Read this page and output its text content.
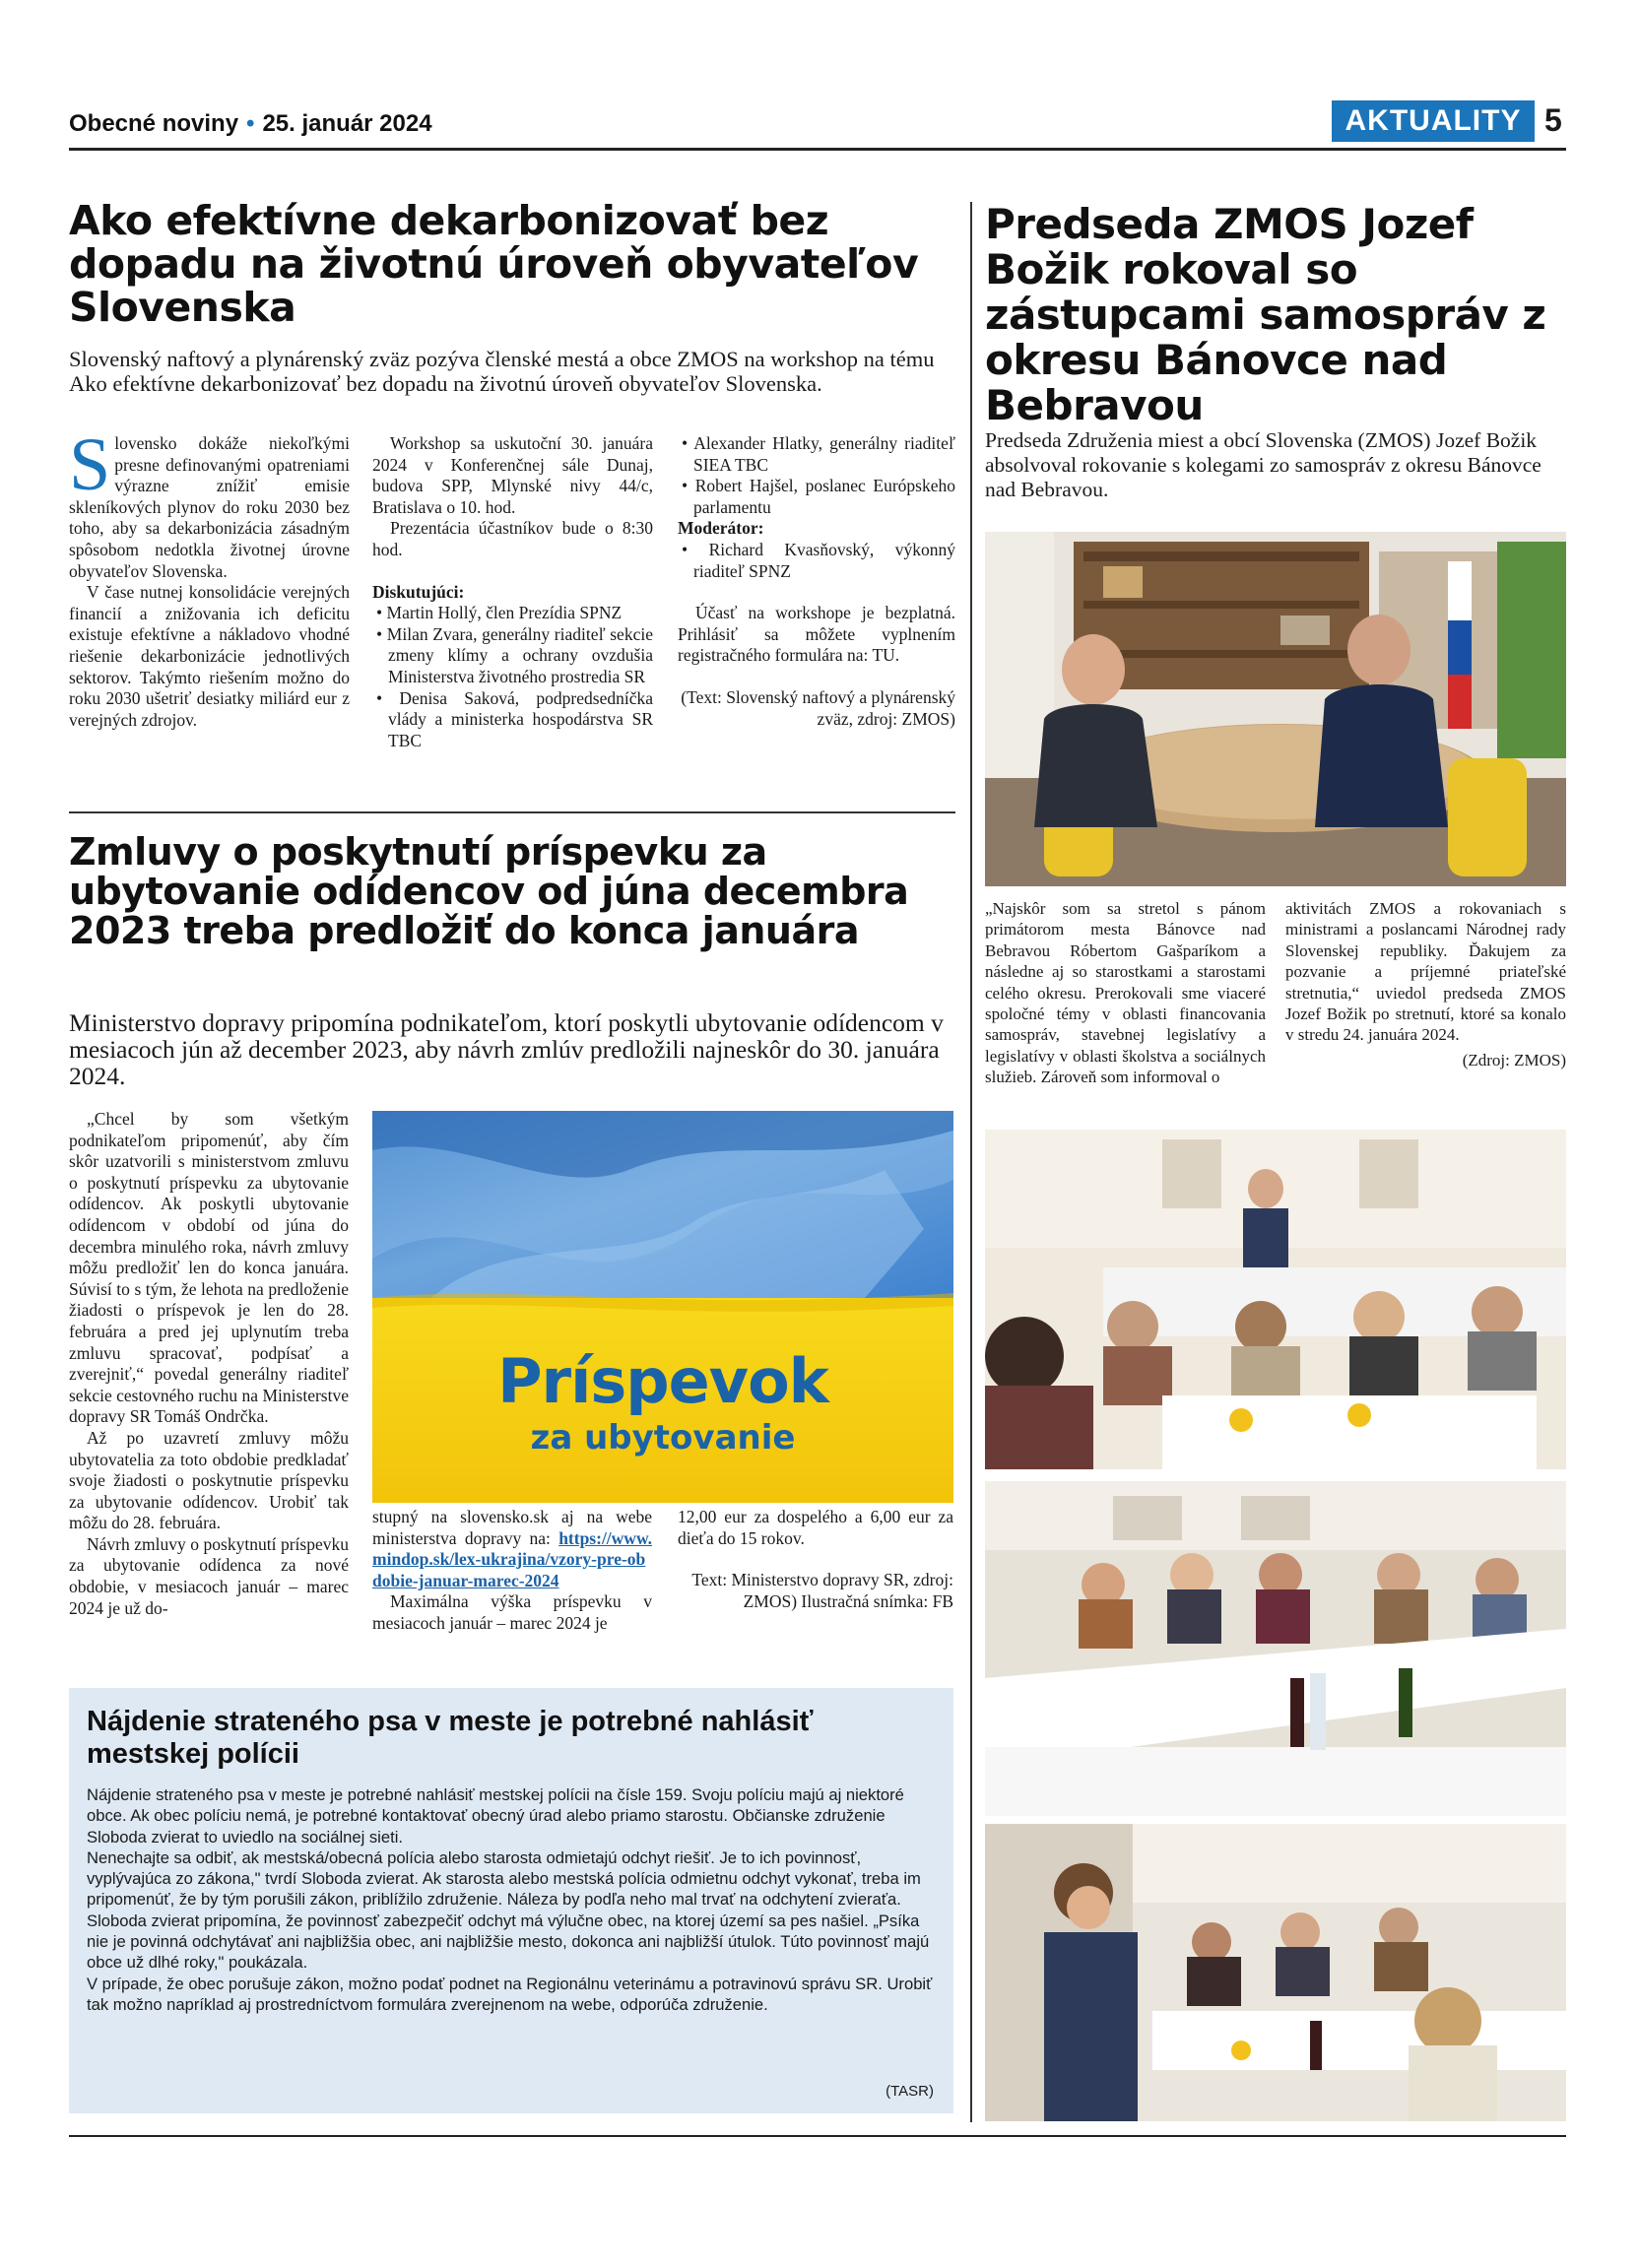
Obecné noviny • 25. január 2024	AKTUALITY 5
Ako efektívne dekarbonizovať bez dopadu na životnú úroveň obyvateľov Slovenska

Slovenský naftový a plynárenský zväz pozýva členské mestá a obce ZMOS na workshop na tému Ako efektívne dekarbonizovať bez dopadu na životnú úroveň obyvateľov Slovenska.

Slovensko dokáže niekoľkými presne definovanými opatreniami výrazne znížiť emisie skleníkových plynov do roku 2030 bez toho, aby sa dekarbonizácia zásadným spôsobom nedotkla životnej úrovne obyvateľov Slovenska.

V čase nutnej konsolidácie verejných financií a znižovania ich deficitu existuje efektívne a nákladovo vhodné riešenie dekarbonizácie jednotlivých sektorov. Takýmto riešením možno do roku 2030 ušetriť desiatky miliárd eur z verejných zdrojov.

Workshop sa uskutoční 30. januára 2024 v Konferenčnej sále Dunaj, budova SPP, Mlynské nivy 44/c, Bratislava o 10. hod.

Prezentácia účastníkov bude o 8:30 hod.

Diskutujúci:

• Martin Hollý, člen Prezídia SPNZ
• Milan Zvara, generálny riaditeľ sekcie zmeny klímy a ochrany ovzdušia Ministerstva životného prostredia SR
• Denisa Saková, podpredsedníčka vlády a ministerka hospodárstva SR TBC
• Alexander Hlatky, generálny riaditeľ SIEA TBC
• Robert Hajšel, poslanec Európskeho parlamentu

Moderátor:

• Richard Kvasňovský, výkonný riaditeľ SPNZ

Účasť na workshope je bezplatná. Prihlásiť sa môžete vyplnením registračného formulára na: TU.

(Text: Slovenský naftový a plynárenský zväz, zdroj: ZMOS)

Zmluvy o poskytnutí príspevku za ubytovanie odídencov od júna decembra 2023 treba predložiť do konca januára

Ministerstvo dopravy pripomína podnikateľom, ktorí poskytli ubytovanie odídencom v mesiacoch jún až december 2023, aby návrh zmlúv predložili najneskôr do 30. januára 2024.

„Chcel by som všetkým podnikateľom pripomenúť, aby čím skôr uzatvorili s ministerstvom zmluvu o poskytnutí príspevku za ubytovanie odídencov. Ak poskytli ubytovanie odídencom v období od júna do decembra minulého roka, návrh zmluvy môžu predložiť len do konca januára. Súvisí to s tým, že lehota na predloženie žiadosti o príspevok je len do 28. februára a pred jej uplynutím treba zmluvu spracovať, podpísať a zverejniť,“ povedal generálny riaditeľ sekcie cestovného ruchu na Ministerstve dopravy SR Tomáš Ondrčka.

Až po uzavretí zmluvy môžu ubytovatelia za toto obdobie predkladať svoje žiadosti o poskytnutie príspevku za ubytovanie odídencov. Urobiť tak môžu do 28. februára.

Návrh zmluvy o poskytnutí príspevku za ubytovanie odídenca za nové obdobie, v mesiacoch január – marec 2024 je už do-

Príspevok
za ubytovanie

stupný na slovensko.sk aj na webe ministerstva dopravy na: https://www.mindop.sk/lex-ukrajina/vzory-pre-obdobie-januar-marec-2024

Maximálna výška príspevku v mesiacoch január – marec 2024 je

12,00 eur za dospelého a 6,00 eur za dieťa do 15 rokov.

Text: Ministerstvo dopravy SR, zdroj: ZMOS) Ilustračná snímka: FB

Nájdenie strateného psa v meste je potrebné nahlásiť mestskej polícii

Nájdenie strateného psa v meste je potrebné nahlásiť mestskej polícii na čísle 159. Svoju políciu majú aj niektoré obce. Ak obec políciu nemá, je potrebné kontaktovať obecný úrad alebo priamo starostu. Občianske združenie Sloboda zvierat to uviedlo na sociálnej sieti.

Nenechajte sa odbiť, ak mestská/obecná polícia alebo starosta odmietajú odchyt riešiť. Je to ich povinnosť, vyplývajúca zo zákona," tvrdí Sloboda zvierat. Ak starosta alebo mestská polícia odmietnu odchyt vykonať, treba im pripomenúť, že by tým porušili zákon, priblížilo združenie. Náleza by podľa neho mal trvať na odchytení zvieraťa.

Sloboda zvierat pripomína, že povinnosť zabezpečiť odchyt má výlučne obec, na ktorej území sa pes našiel. „Psíka nie je povinná odchytávať ani najbližšia obec, ani najbližšie mesto, dokonca ani najbližší útulok. Túto povinnosť majú obce už dlhé roky," poukázala.

V prípade, že obec porušuje zákon, možno podať podnet na Regionálnu veterinámu a potravinovú správu SR. Urobiť tak možno napríklad aj prostredníctvom formulára zverejnenom na webe, odporúča združenie.

(TASR)
Predseda ZMOS Jozef Božik rokoval so zástupcami samospráv z okresu Bánovce nad Bebravou

Predseda Združenia miest a obcí Slovenska (ZMOS) Jozef Božik absolvoval rokovanie s kolegami zo samospráv z okresu Bánovce nad Bebravou.

„Najskôr som sa stretol s pánom primátorom mesta Bánovce nad Bebravou Róbertom Gašparíkom a následne aj so starostkami a starostami celého okresu. Prerokovali sme viaceré spoločné témy v oblasti financovania samospráv, stavebnej legislatívy a legislatívy v oblasti školstva a sociálnych služieb. Zároveň som informoval o

aktivitách ZMOS a rokovaniach s ministrami a poslancami Národnej rady Slovenskej republiky. Ďakujem za pozvanie a príjemné priateľské stretnutia,“ uviedol predseda ZMOS Jozef Božik po stretnutí, ktoré sa konalo v stredu 24. januára 2024.

(Zdroj: ZMOS)
